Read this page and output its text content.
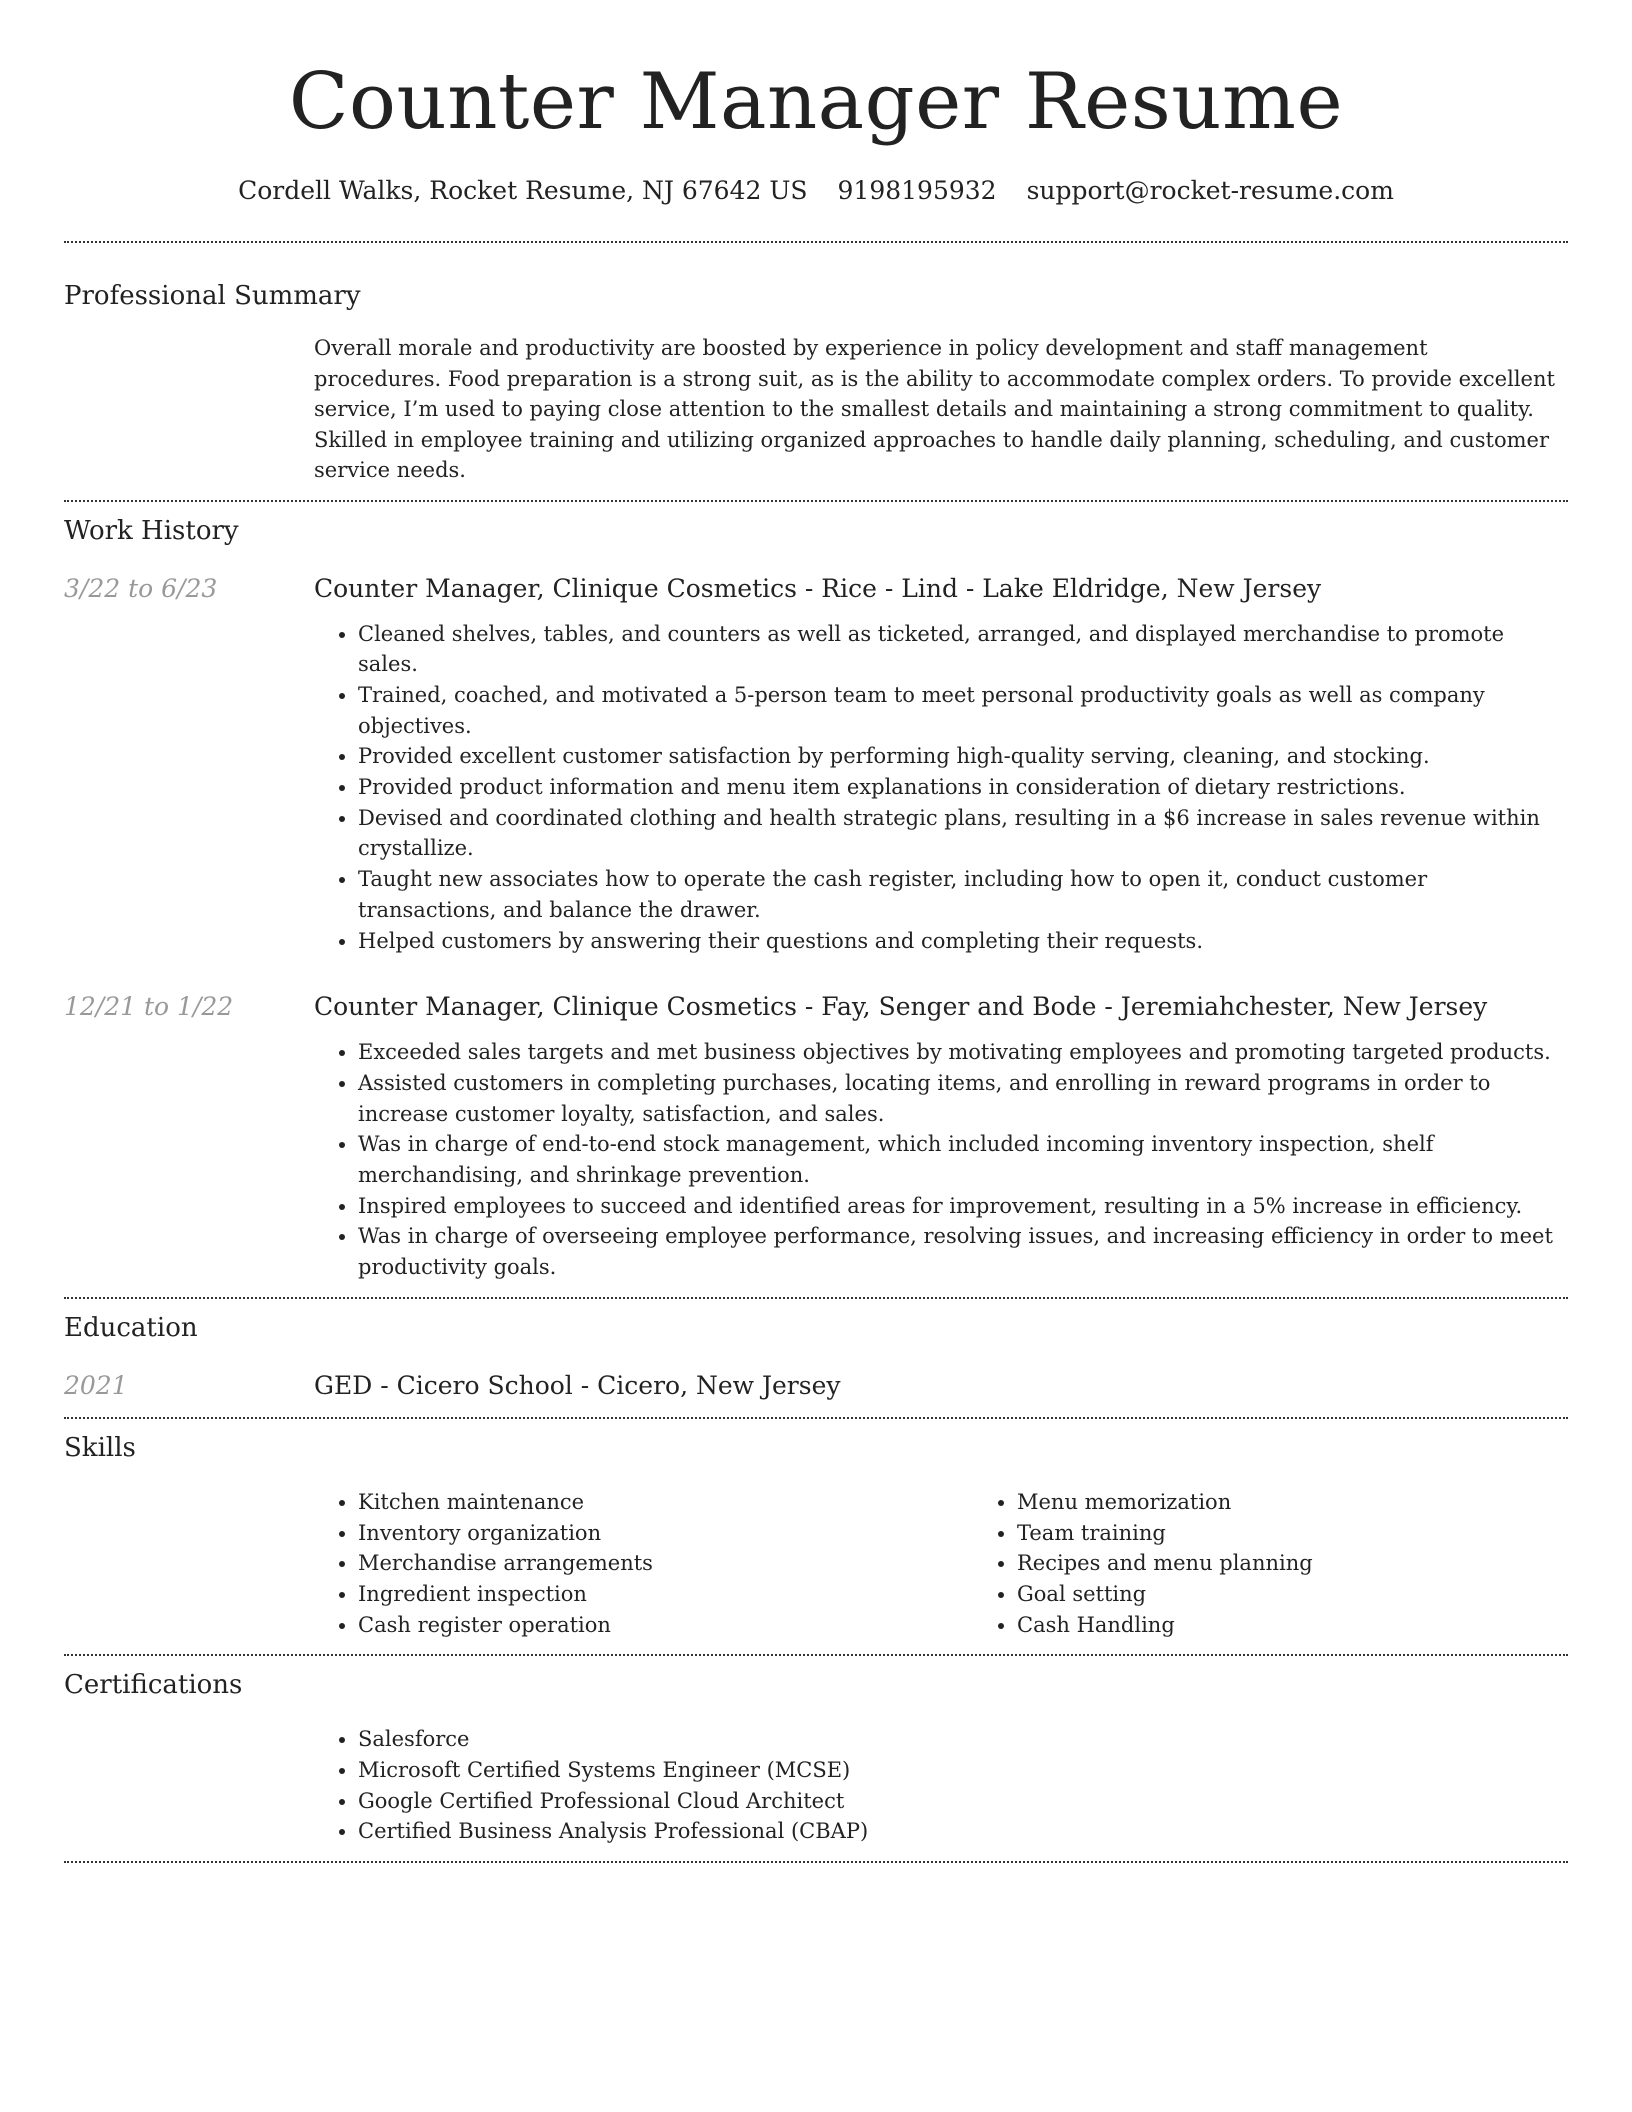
Counter Manager Resume
Cordell Walks, Rocket Resume, NJ 67642 US 9198195932 support@rocket-resume.com
Professional Summary

Overall morale and productivity are boosted by experience in policy development and staff management procedures. Food preparation is a strong suit, as is the ability to accommodate complex orders. To provide excellent service, I’m used to paying close attention to the smallest details and maintaining a strong commitment to quality. Skilled in employee training and utilizing organized approaches to handle daily planning, scheduling, and customer service needs.

Work History
3/22 to 6/23	Counter Manager, Clinique Cosmetics - Rice - Lind - Lake Eldridge, New Jersey

• Cleaned shelves, tables, and counters as well as ticketed, arranged, and displayed merchandise to promote sales.
• Trained, coached, and motivated a 5-person team to meet personal productivity goals as well as company objectives.
• Provided excellent customer satisfaction by performing high-quality serving, cleaning, and stocking.
• Provided product information and menu item explanations in consideration of dietary restrictions.
• Devised and coordinated clothing and health strategic plans, resulting in a $6 increase in sales revenue within crystallize.
• Taught new associates how to operate the cash register, including how to open it, conduct customer transactions, and balance the drawer.
• Helped customers by answering their questions and completing their requests.
12/21 to 1/22	Counter Manager, Clinique Cosmetics - Fay, Senger and Bode - Jeremiahchester, New Jersey

• Exceeded sales targets and met business objectives by motivating employees and promoting targeted products.
• Assisted customers in completing purchases, locating items, and enrolling in reward programs in order to increase customer loyalty, satisfaction, and sales.
• Was in charge of end-to-end stock management, which included incoming inventory inspection, shelf merchandising, and shrinkage prevention.
• Inspired employees to succeed and identified areas for improvement, resulting in a 5% increase in efficiency.
• Was in charge of overseeing employee performance, resolving issues, and increasing efficiency in order to meet productivity goals.
Education
2021	GED - Cicero School - Cicero, New Jersey

Skills
• Kitchen maintenance
• Inventory organization
• Merchandise arrangements
• Ingredient inspection
• Cash register operation
• Menu memorization
• Team training
• Recipes and menu planning
• Goal setting
• Cash Handling
Certifications
• Salesforce
• Microsoft Certified Systems Engineer (MCSE)
• Google Certified Professional Cloud Architect
• Certified Business Analysis Professional (CBAP)
